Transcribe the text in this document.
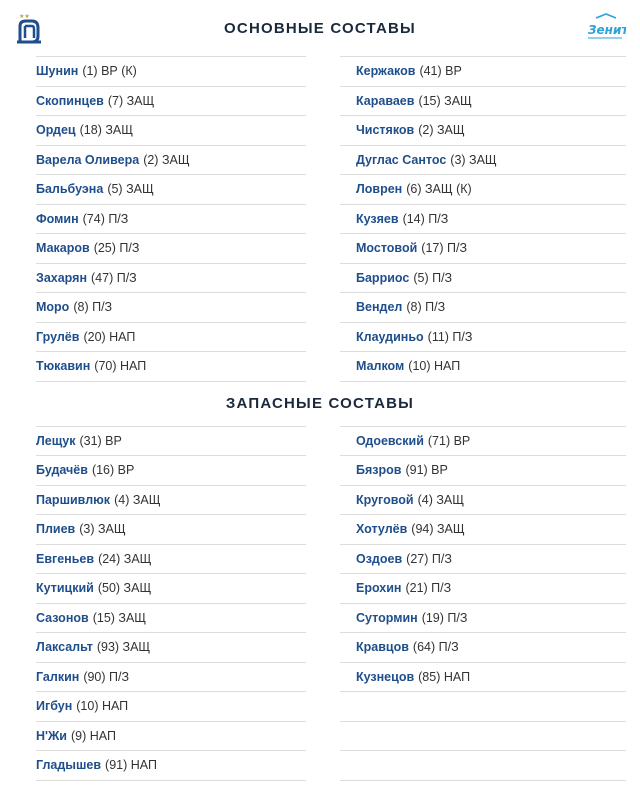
★★
ОСНОВНЫЕ СОСТАВЫ	Зенит
Шунин (1) ВР (К)
Скопинцев (7) ЗАЩ
Ордец (18) ЗАЩ
Варела Оливера (2) ЗАЩ
Бальбуэна (5) ЗАЩ
Фомин (74) П/З
Макаров (25) П/З
Захарян (47) П/З
Моро (8) П/З
Грулёв (20) НАП
Тюкавин (70) НАП
Кержаков (41) ВР
Караваев (15) ЗАЩ
Чистяков (2) ЗАЩ
Дуглас Сантос (3) ЗАЩ
Ловрен (6) ЗАЩ (К)
Кузяев (14) П/З
Мостовой (17) П/З
Барриос (5) П/З
Вендел (8) П/З
Клаудиньо (11) П/З
Малком (10) НАП
ЗАПАСНЫЕ СОСТАВЫ
Лещук (31) ВР
Будачёв (16) ВР
Паршивлюк (4) ЗАЩ
Плиев (3) ЗАЩ
Евгеньев (24) ЗАЩ
Кутицкий (50) ЗАЩ
Сазонов (15) ЗАЩ
Лаксальт (93) ЗАЩ
Галкин (90) П/З
Игбун (10) НАП
Н'Жи (9) НАП
Гладышев (91) НАП
Одоевский (71) ВР
Бязров (91) ВР
Круговой (4) ЗАЩ
Хотулёв (94) ЗАЩ
Оздоев (27) П/З
Ерохин (21) П/З
Сутормин (19) П/З
Кравцов (64) П/З
Кузнецов (85) НАП
